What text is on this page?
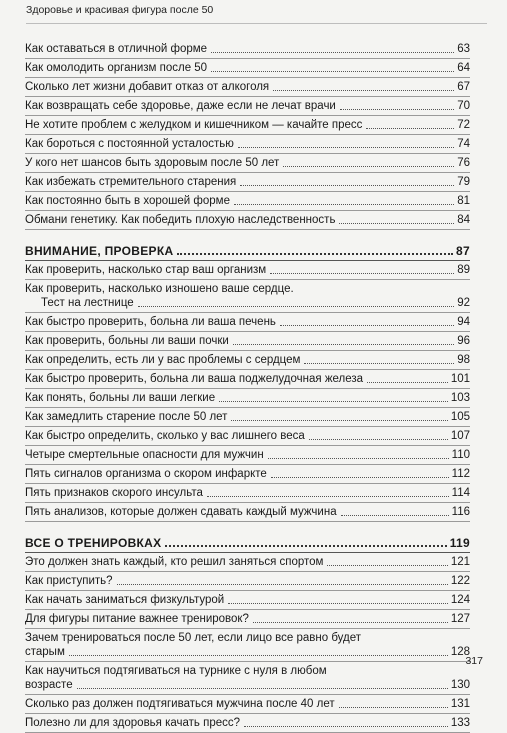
Здоровье и красивая фигура после 50
Как оставаться в отличной форме	63
Как омолодить организм после 50	64
Сколько лет жизни добавит отказ от алкоголя	67
Как возвращать себе здоровье, даже если не лечат врачи	70
Не хотите проблем с желудком и кишечником — качайте пресс	72
Как бороться с постоянной усталостью	74
У кого нет шансов быть здоровым после 50 лет	76
Как избежать стремительного старения	79
Как постоянно быть в хорошей форме	81
Обмани генетику. Как победить плохую наследственность	84
ВНИМАНИЕ, ПРОВЕРКА	87
Как проверить, насколько стар ваш организм	89
Как проверить, насколько изношено ваше сердце.
Тест на лестнице	92
Как быстро проверить, больна ли ваша печень	94
Как проверить, больны ли ваши почки	96
Как определить, есть ли у вас проблемы с сердцем	98
Как быстро проверить, больна ли ваша поджелудочная железа	101
Как понять, больны ли ваши легкие	103
Как замедлить старение после 50 лет	105
Как быстро определить, сколько у вас лишнего веса	107
Четыре смертельные опасности для мужчин	110
Пять сигналов организма о скором инфаркте	112
Пять признаков скорого инсульта	114
Пять анализов, которые должен сдавать каждый мужчина	116
ВСЕ О ТРЕНИРОВКАХ	119
Это должен знать каждый, кто решил заняться спортом	121
Как приступить?	122
Как начать заниматься физкультурой	124
Для фигуры питание важнее тренировок?	127
Зачем тренироваться после 50 лет, если лицо все равно будет
старым	128
Как научиться подтягиваться на турнике с нуля в любом
возрасте	130
Сколько раз должен подтягиваться мужчина после 40 лет	131
Полезно ли для здоровья качать пресс?	133
317
